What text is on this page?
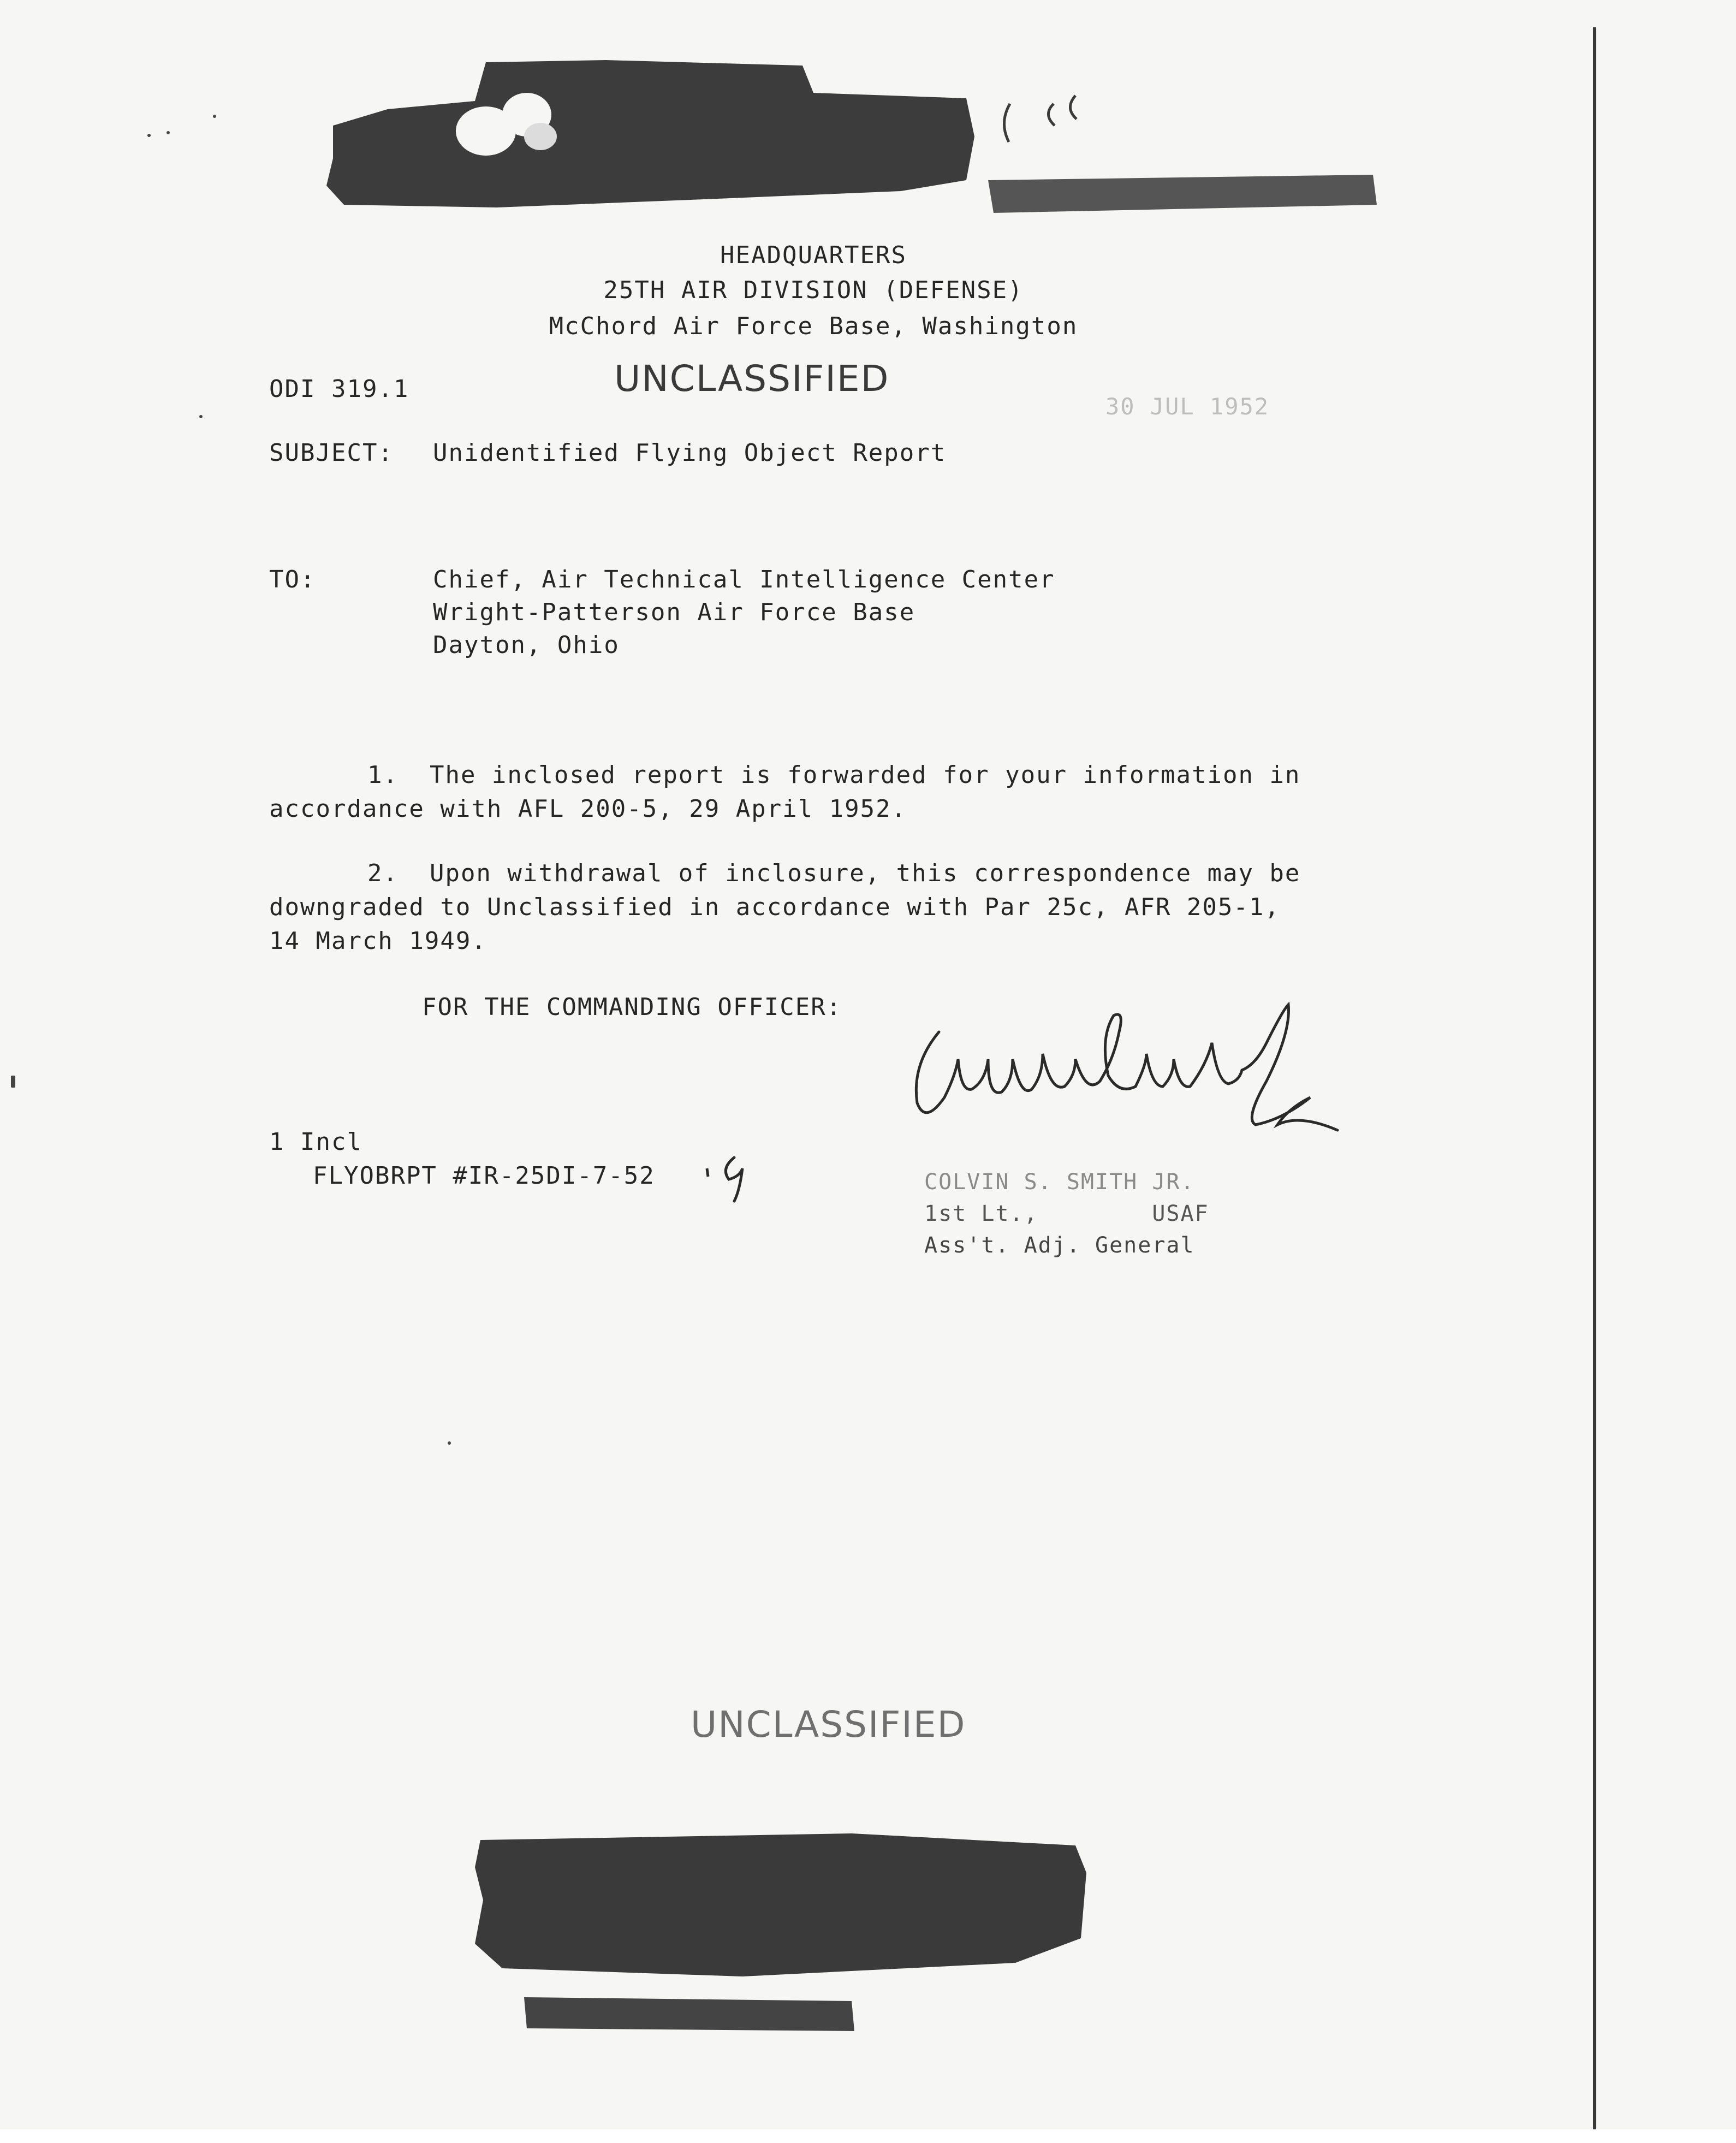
HEADQUARTERS
25TH AIR DIVISION (DEFENSE)
McChord Air Force Base, Washington
ODI 319.1	UNCLASSIFIED
30 JUL 1952
SUBJECT: Unidentified Flying Object Report
TO:	Chief, Air Technical Intelligence Center
Wright-Patterson Air Force Base
Dayton, Ohio
1.  The inclosed report is forwarded for your information in
accordance with AFL 200-5, 29 April 1952.
2.  Upon withdrawal of inclosure, this correspondence may be
downgraded to Unclassified in accordance with Par 25c, AFR 205-1,
14 March 1949.
FOR THE COMMANDING OFFICER:
COLVIN S. SMITH JR.
1st Lt.,        USAF
Ass't. Adj. General
1 Incl
FLYOBRPT #IR-25DI-7-52
UNCLASSIFIED
